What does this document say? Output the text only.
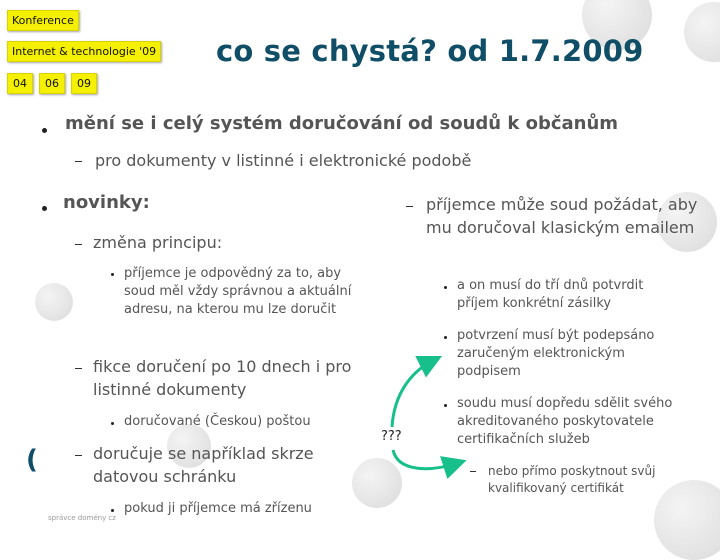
Konference
Internet & technologie '09
04	06	09
co se chystá? od 1.7.2009
mění se i celý systém doručování od soudů k občanům
pro dokumenty v listinné i elektronické podobě
novinky:
změna principu:
příjemce je odpovědný za to, aby soud měl vždy správnou a aktuální adresu, na kterou mu lze doručit
fikce doručení po 10 dnech i pro listinné dokumenty
doručované (Českou) poštou
doručuje se například skrze datovou schránku
pokud ji příjemce má zřízenu
příjemce může soud požádat, aby mu doručoval klasickým emailem
a on musí do tří dnů potvrdit příjem konkrétní zásilky
potvrzení musí být podepsáno zaručeným elektronickým podpisem
soudu musí dopředu sdělit svého akreditovaného poskytovatele certifikačních služeb
nebo přímo poskytnout svůj kvalifikovaný certifikát
???
(
správce domény cz
